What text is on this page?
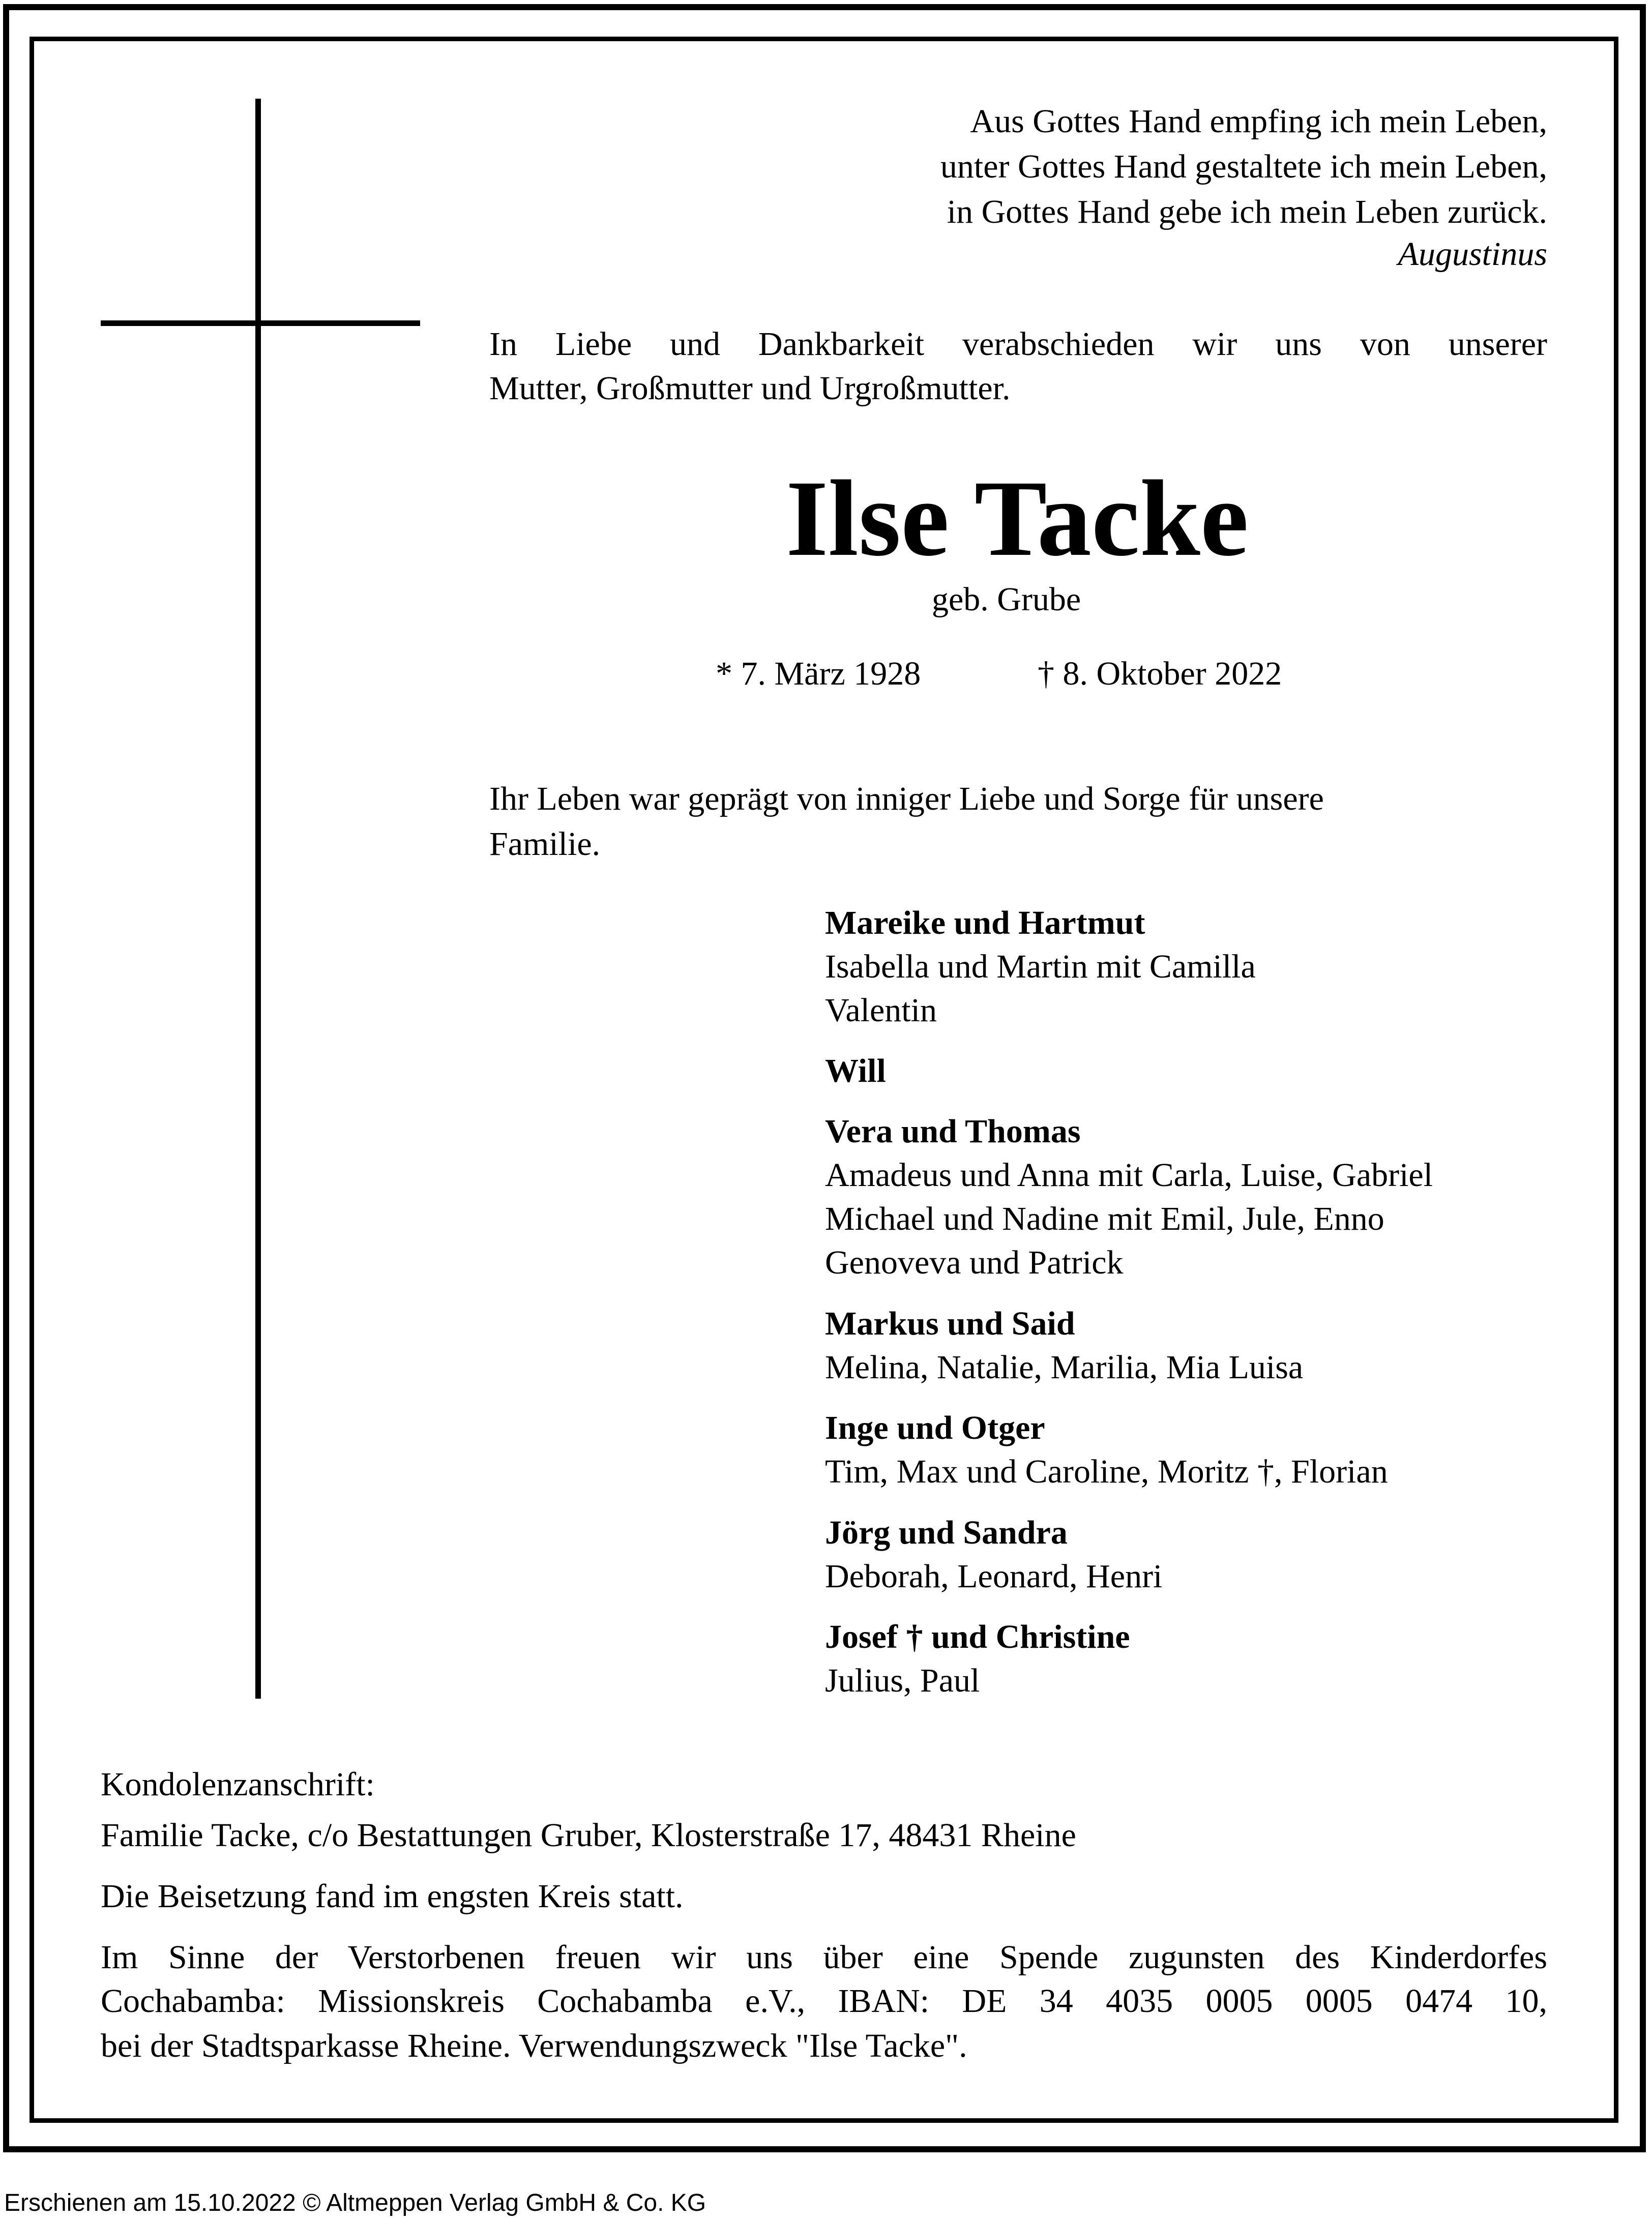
Aus Gottes Hand empfing ich mein Leben,
unter Gottes Hand gestaltete ich mein Leben,
in Gottes Hand gebe ich mein Leben zurück.
Augustinus
In Liebe und Dankbarkeit verabschieden wir uns von unserer
Mutter, Großmutter und Urgroßmutter.
Ilse Tacke
geb. Grube
* 7. März 1928	† 8. Oktober 2022
Ihr Leben war geprägt von inniger Liebe und Sorge für unsere
Familie.
Mareike und Hartmut
Isabella und Martin mit Camilla
Valentin
Will
Vera und Thomas
Amadeus und Anna mit Carla, Luise, Gabriel
Michael und Nadine mit Emil, Jule, Enno
Genoveva und Patrick
Markus und Said
Melina, Natalie, Marilia, Mia Luisa
Inge und Otger
Tim, Max und Caroline, Moritz †, Florian
Jörg und Sandra
Deborah, Leonard, Henri
Josef † und Christine
Julius, Paul
Kondolenzanschrift:
Familie Tacke, c/o Bestattungen Gruber, Klosterstraße 17, 48431 Rheine
Die Beisetzung fand im engsten Kreis statt.
Im Sinne der Verstorbenen freuen wir uns über eine Spende zugunsten des Kinderdorfes
Cochabamba: Missionskreis Cochabamba e.V., IBAN: DE 34 4035 0005 0005 0474 10,
bei der Stadtsparkasse Rheine. Verwendungszweck "Ilse Tacke".
Erschienen am 15.10.2022 © Altmeppen Verlag GmbH & Co. KG
